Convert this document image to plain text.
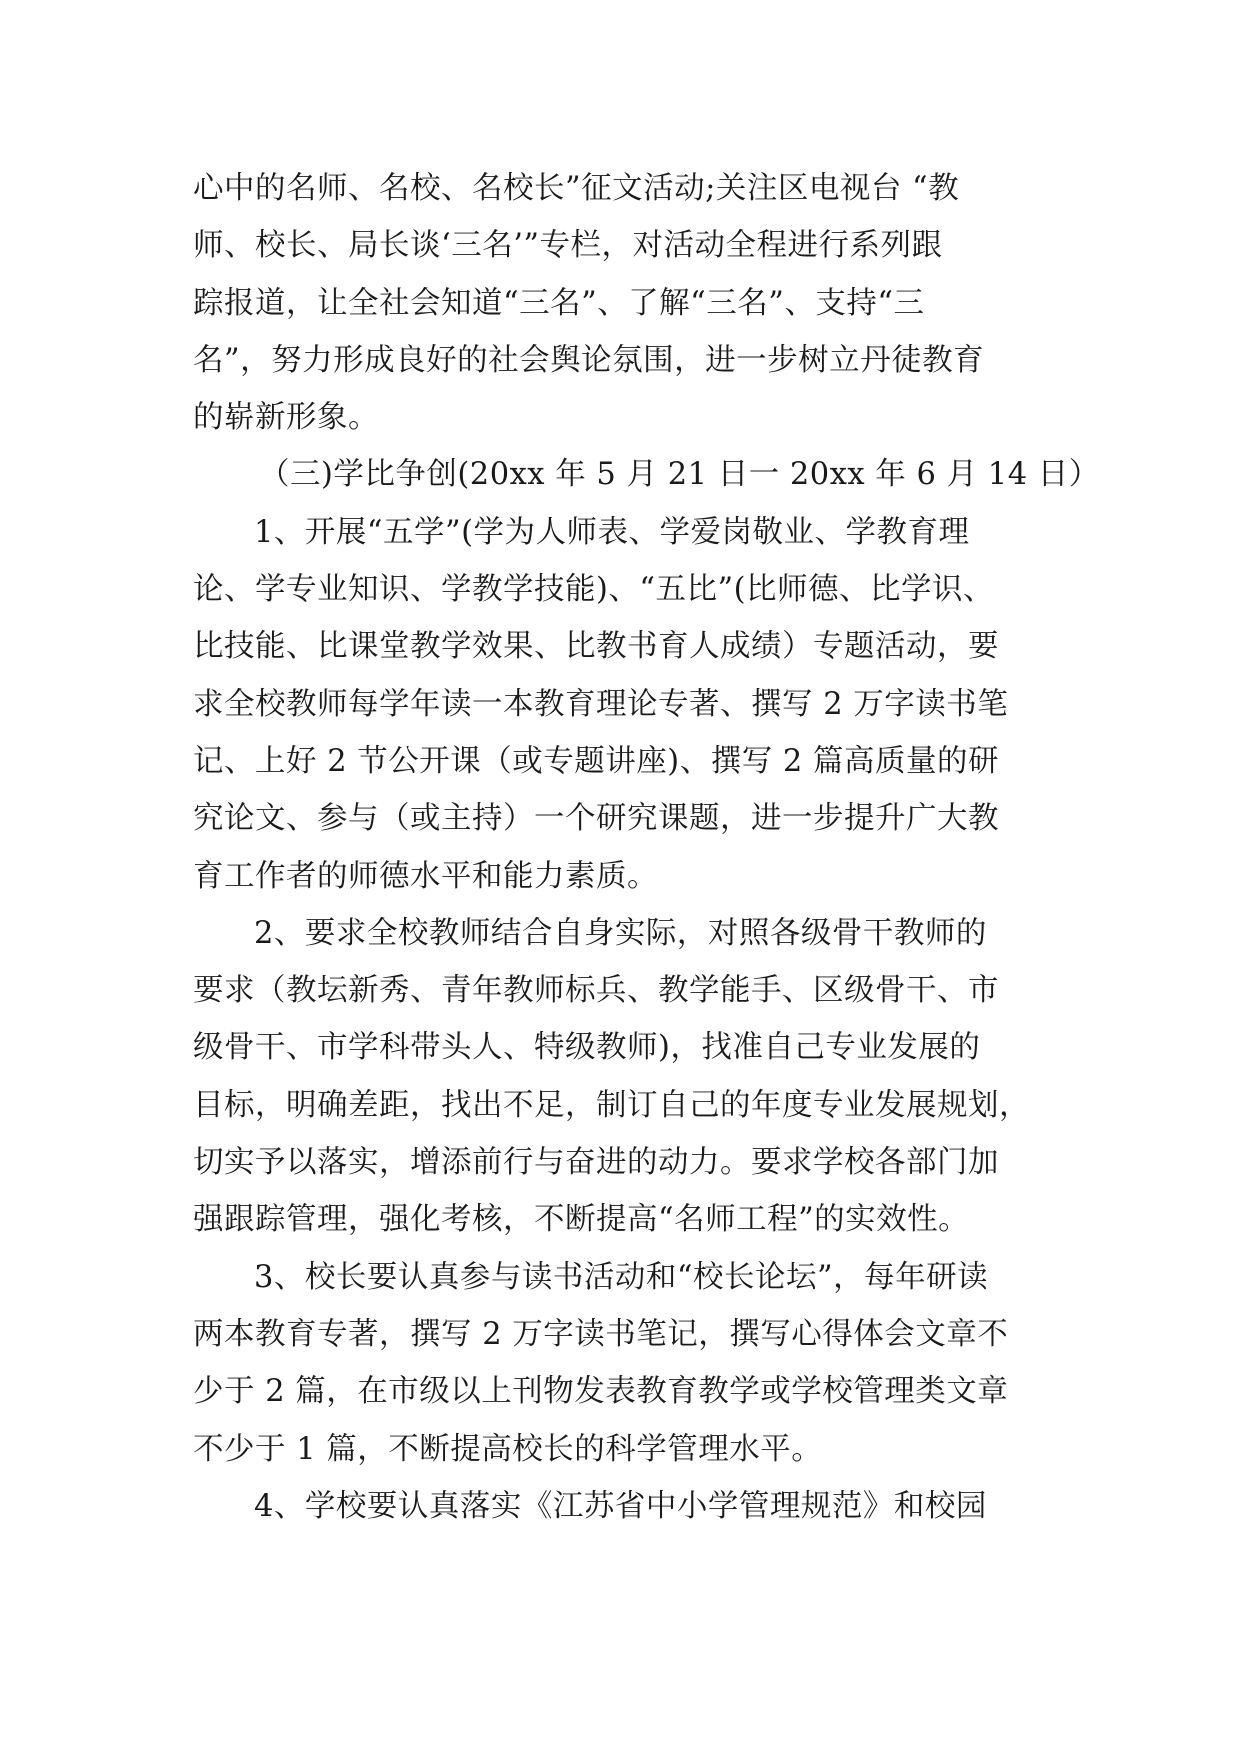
心中的名师、名校、名校长”征文活动;关注区电视台 “教
师、校长、局长谈‘三名’”专栏，对活动全程进行系列跟
踪报道，让全社会知道“三名”、了解“三名”、支持“三
名”，努力形成良好的社会舆论氛围，进一步树立丹徒教育
的崭新形象。
（三)学比争创(20xx 年 5 月 21 日一 20xx 年 6 月 14 日）
1、开展“五学”(学为人师表、学爱岗敬业、学教育理
论、学专业知识、学教学技能)、“五比”(比师德、比学识、
比技能、比课堂教学效果、比教书育人成绩）专题活动，要
求全校教师每学年读一本教育理论专著、撰写 2 万字读书笔
记、上好 2 节公开课（或专题讲座)、撰写 2 篇高质量的研
究论文、参与（或主持）一个研究课题，进一步提升广大教
育工作者的师德水平和能力素质。
2、要求全校教师结合自身实际，对照各级骨干教师的
要求（教坛新秀、青年教师标兵、教学能手、区级骨干、市
级骨干、市学科带头人、特级教师)，找准自己专业发展的
目标，明确差距，找出不足，制订自己的年度专业发展规划，
切实予以落实，增添前行与奋进的动力。要求学校各部门加
强跟踪管理，强化考核，不断提高“名师工程”的实效性。
3、校长要认真参与读书活动和“校长论坛”，每年研读
两本教育专著，撰写 2 万字读书笔记，撰写心得体会文章不
少于 2 篇，在市级以上刊物发表教育教学或学校管理类文章
不少于 1 篇，不断提高校长的科学管理水平。
4、学校要认真落实《江苏省中小学管理规范》和校园
